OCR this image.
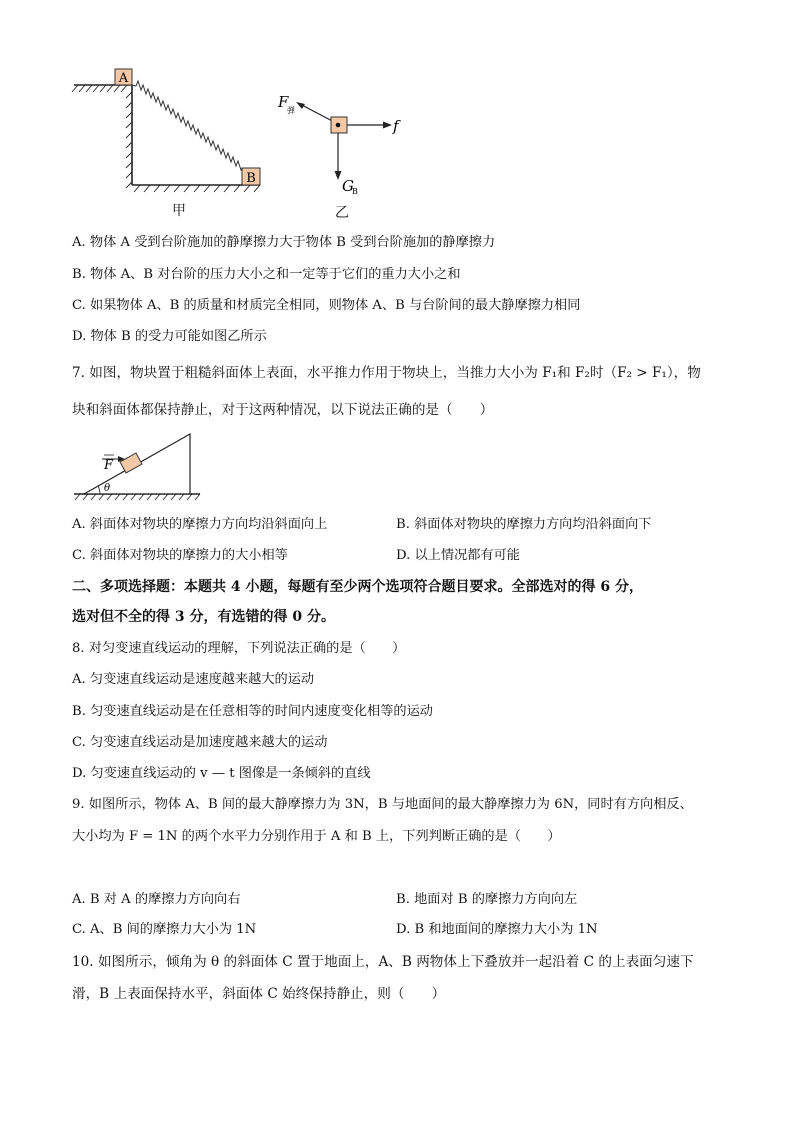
A
B
甲
F
弹
f
G
B
乙
A. 物体 A 受到台阶施加的静摩擦力大于物体 B 受到台阶施加的静摩擦力
B. 物体 A、B 对台阶的压力大小之和一定等于它们的重力大小之和
C. 如果物体 A、B 的质量和材质完全相同，则物体 A、B 与台阶间的最大静摩擦力相同
D. 物体 B 的受力可能如图乙所示
7. 如图，物块置于粗糙斜面体上表面，水平推力作用于物块上，当推力大小为 F₁和 F₂时（F₂ > F₁），物
块和斜面体都保持静止，对于这两种情况，以下说法正确的是（　　）
θ
F
A. 斜面体对物块的摩擦力方向均沿斜面向上	B. 斜面体对物块的摩擦力方向均沿斜面向下
C. 斜面体对物块的摩擦力的大小相等	D. 以上情况都有可能
二、多项选择题：本题共 4 小题，每题有至少两个选项符合题目要求。全部选对的得 6 分，
选对但不全的得 3 分，有选错的得 0 分。
8. 对匀变速直线运动的理解，下列说法正确的是（　　）
A. 匀变速直线运动是速度越来越大的运动
B. 匀变速直线运动是在任意相等的时间内速度变化相等的运动
C. 匀变速直线运动是加速度越来越大的运动
D. 匀变速直线运动的 v — t 图像是一条倾斜的直线
9. 如图所示，物体 A、B 间的最大静摩擦力为 3N，B 与地面间的最大静摩擦力为 6N，同时有方向相反、
大小均为 F = 1N 的两个水平力分别作用于 A 和 B 上，下列判断正确的是（　　）
A. B 对 A 的摩擦力方向向右	B. 地面对 B 的摩擦力方向向左
C. A、B 间的摩擦力大小为 1N	D. B 和地面间的摩擦力大小为 1N
10. 如图所示，倾角为 θ 的斜面体 C 置于地面上，A、B 两物体上下叠放并一起沿着 C 的上表面匀速下
滑，B 上表面保持水平，斜面体 C 始终保持静止，则（　　）
